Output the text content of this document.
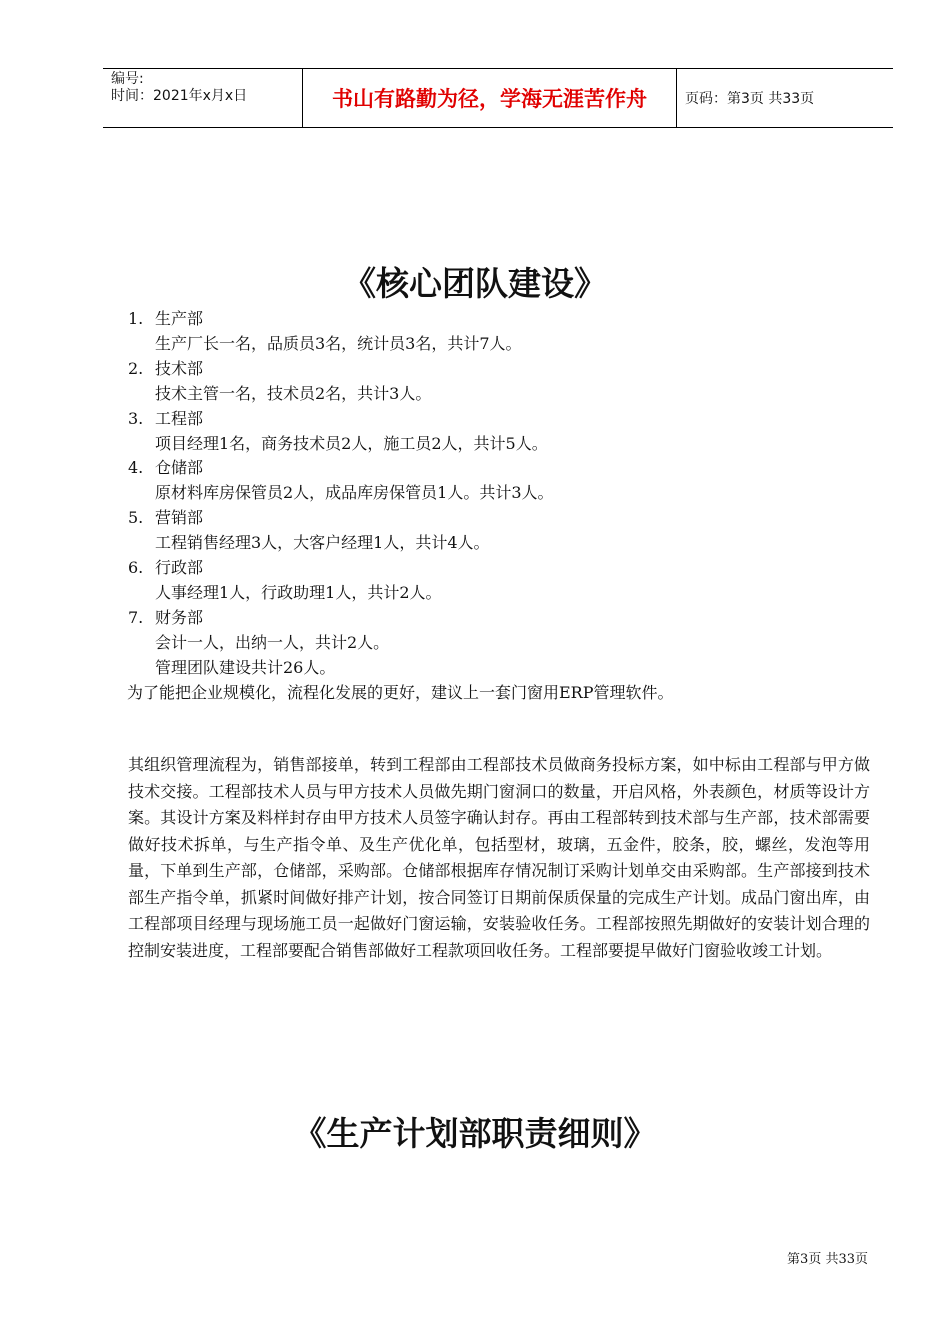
编号:
时间：2021年x月x日	书山有路勤为径，学海无涯苦作舟	页码：第3页 共33页
《核心团队建设》
1. 生产部
生产厂长一名，品质员3名，统计员3名，共计7人。
2. 技术部
技术主管一名，技术员2名，共计3人。
3. 工程部
项目经理1名，商务技术员2人，施工员2人，共计5人。
4. 仓储部
原材料库房保管员2人，成品库房保管员1人。共计3人。
5. 营销部
工程销售经理3人，大客户经理1人，共计4人。
6. 行政部
人事经理1人，行政助理1人，共计2人。
7. 财务部
会计一人，出纳一人，共计2人。
管理团队建设共计26人。
为了能把企业规模化，流程化发展的更好，建议上一套门窗用ERP管理软件。
其组织管理流程为，销售部接单，转到工程部由工程部技术员做商务投标方案，如中标由工程部与甲方做技术交接。工程部技术人员与甲方技术人员做先期门窗洞口的数量，开启风格，外表颜色，材质等设计方案。其设计方案及料样封存由甲方技术人员签字确认封存。再由工程部转到技术部与生产部，技术部需要做好技术拆单，与生产指令单、及生产优化单，包括型材，玻璃，五金件，胶条，胶，螺丝，发泡等用量，下单到生产部，仓储部，采购部。仓储部根据库存情况制订采购计划单交由采购部。生产部接到技术部生产指令单，抓紧时间做好排产计划，按合同签订日期前保质保量的完成生产计划。成品门窗出库，由工程部项目经理与现场施工员一起做好门窗运输，安装验收任务。工程部按照先期做好的安装计划合理的控制安装进度，工程部要配合销售部做好工程款项回收任务。工程部要提早做好门窗验收竣工计划。
《生产计划部职责细则》
第3页 共33页
